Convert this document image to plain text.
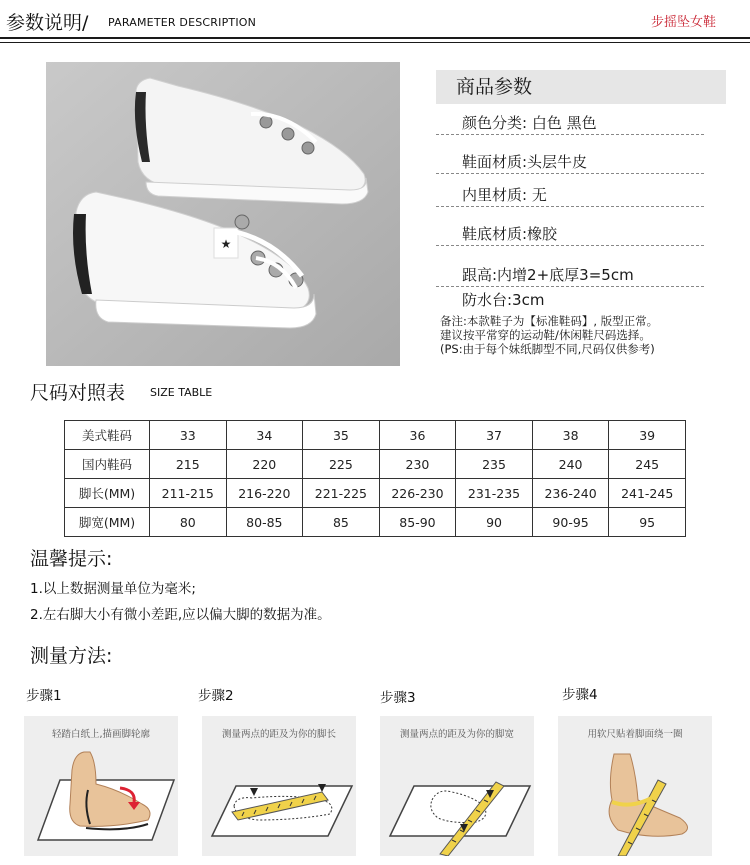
参数说明/ PARAMETER DESCRIPTION	步摇坠女鞋
★
商品参数
颜色分类: 白色 黑色
鞋面材质:头层牛皮
内里材质: 无
鞋底材质:橡胶
跟高:内增2+底厚3=5cm
防水台:3cm
备注:本款鞋子为【标准鞋码】, 版型正常。
建议按平常穿的运动鞋/休闲鞋尺码选择。
(PS:由于每个妹纸脚型不同,尺码仅供参考)
尺码对照表 SIZE TABLE
美式鞋码	33	34	35	36	37	38	39
国内鞋码	215	220	225	230	235	240	245
脚长(MM)	211-215	216-220	221-225	226-230	231-235	236-240	241-245
脚宽(MM)	80	80-85	85	85-90	90	90-95	95
温馨提示:
1.以上数据测量单位为毫米;
2.左右脚大小有微小差距,应以偏大脚的数据为准。
测量方法:
步骤1	步骤2	步骤3	步骤4
轻踏白纸上,描画脚轮廓	测量两点的距及为你的脚长	测量两点的距及为你的脚宽	用软尺贴着脚面绕一圈
